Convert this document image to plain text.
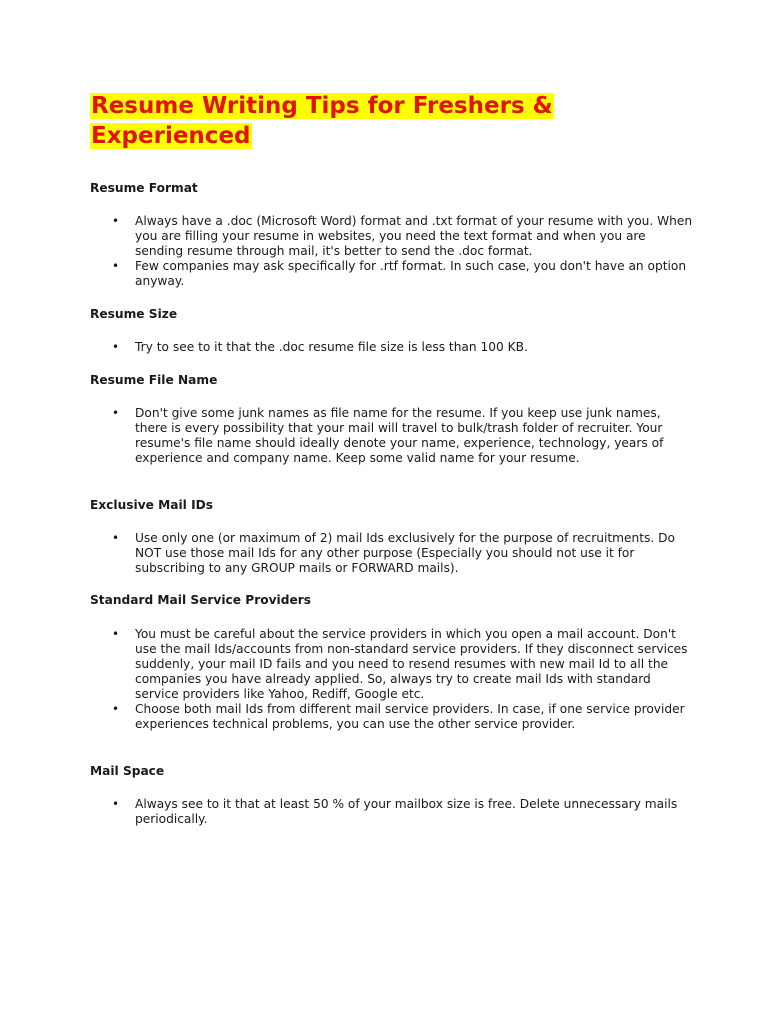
Resume Writing Tips for Freshers &
Experienced
Resume Format
• Always have a .doc (Microsoft Word) format and .txt format of your resume with you. When you are filling your resume in websites, you need the text format and when you are sending resume through mail, it's better to send the .doc format.
• Few companies may ask specifically for .rtf format. In such case, you don't have an option anyway.
Resume Size
• Try to see to it that the .doc resume file size is less than 100 KB.
Resume File Name
• Don't give some junk names as file name for the resume. If you keep use junk names, there is every possibility that your mail will travel to bulk/trash folder of recruiter. Your resume's file name should ideally denote your name, experience, technology, years of experience and company name. Keep some valid name for your resume.
Exclusive Mail IDs
• Use only one (or maximum of 2) mail Ids exclusively for the purpose of recruitments. Do NOT use those mail Ids for any other purpose (Especially you should not use it for subscribing to any GROUP mails or FORWARD mails).
Standard Mail Service Providers
• You must be careful about the service providers in which you open a mail account. Don't use the mail Ids/accounts from non-standard service providers. If they disconnect services suddenly, your mail ID fails and you need to resend resumes with new mail Id to all the companies you have already applied. So, always try to create mail Ids with standard service providers like Yahoo, Rediff, Google etc.
• Choose both mail Ids from different mail service providers. In case, if one service provider experiences technical problems, you can use the other service provider.
Mail Space
• Always see to it that at least 50 % of your mailbox size is free. Delete unnecessary mails periodically.
